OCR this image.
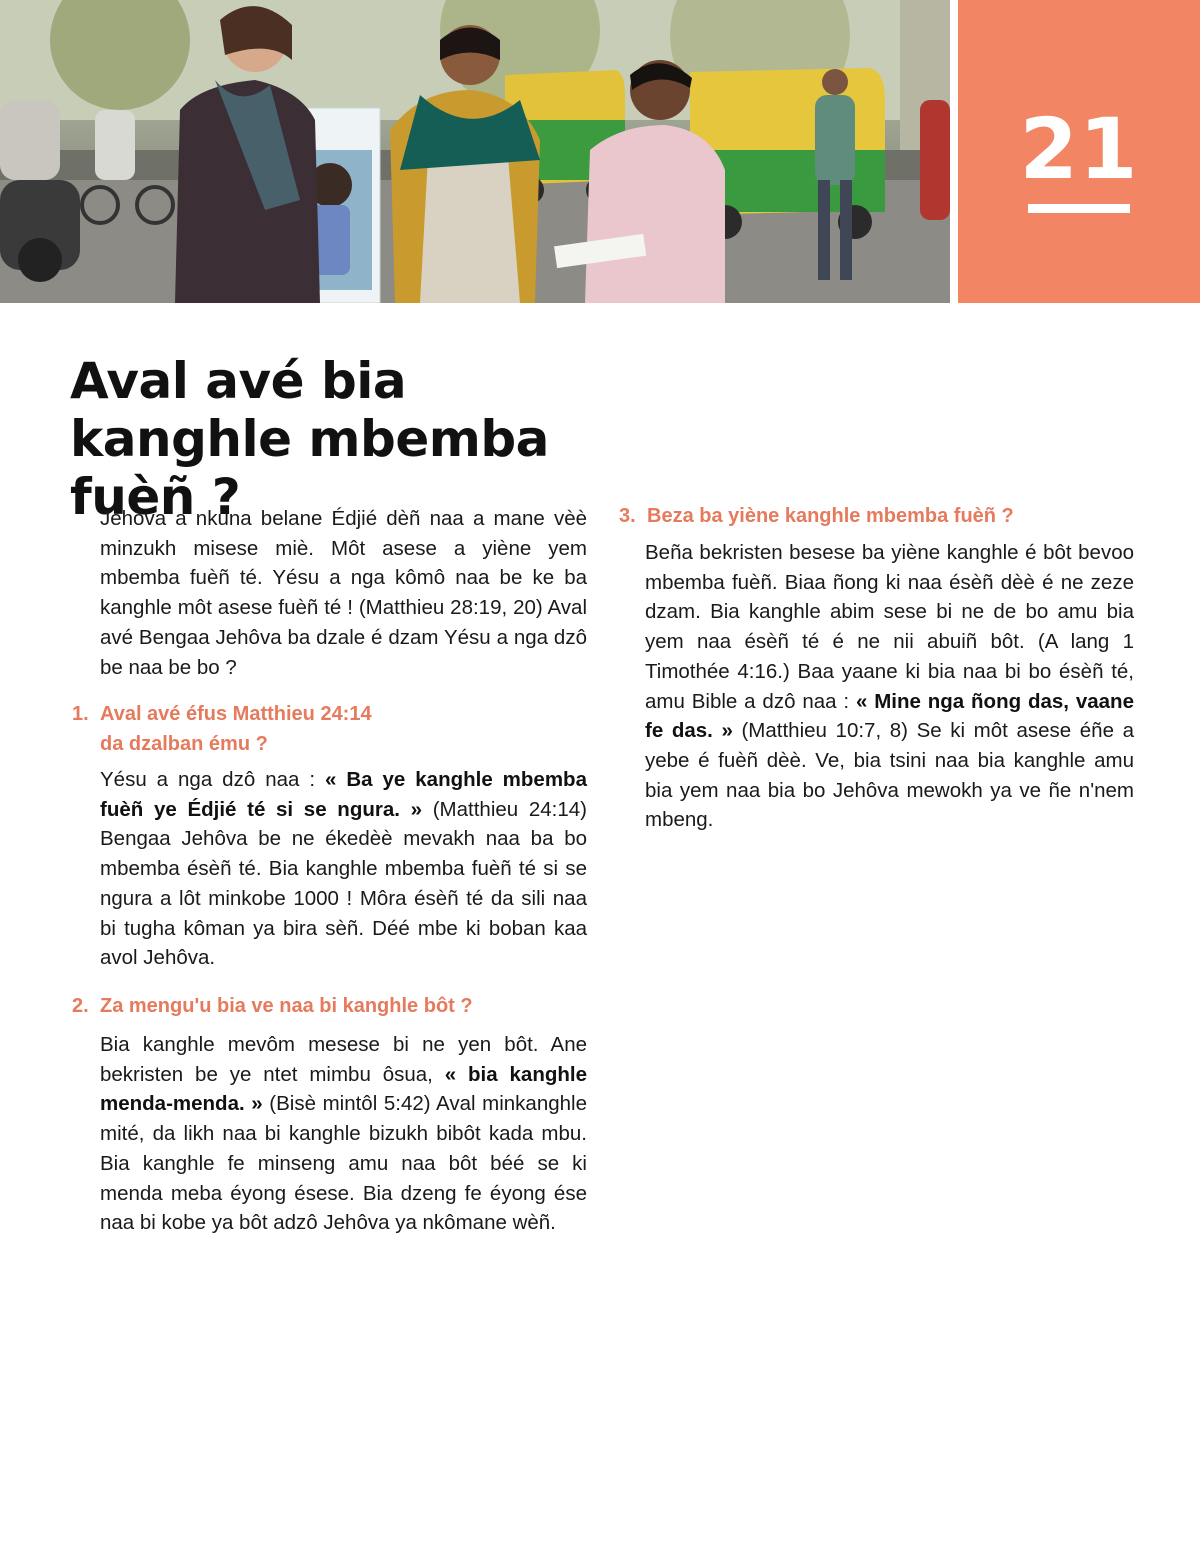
21
Aval avé bia kanghle mbemba fuèñ ?

Jehôva a nkuna belane Édjié dèñ naa a mane vèè minzukh misese miè. Môt asese a yiène yem mbemba fuèñ té. Yésu a nga kômô naa be ke ba kanghle môt asese fuèñ té ! (Matthieu 28:19, 20) Aval avé Bengaa Jehôva ba dzale é dzam Yésu a nga dzô be naa be bo ?

1. Aval avé éfus Matthieu 24:14
da dzalban ému ?

Yésu a nga dzô naa : « Ba ye kanghle mbemba fuèñ ye Édjié té si se ngura. » (Matthieu 24:14) Bengaa Jehôva be ne ékedèè mevakh naa ba bo mbemba ésèñ té. Bia kanghle mbemba fuèñ té si se ngura a lôt minkobe 1000 ! Môra ésèñ té da sili naa bi tugha kôman ya bira sèñ. Déé mbe ki boban kaa avol Jehôva.

2. Za mengu'u bia ve naa bi kanghle bôt ?

Bia kanghle mevôm mesese bi ne yen bôt. Ane bekristen be ye ntet mimbu ôsua, « bia kanghle menda-menda. » (Bisè mintôl 5:42) Aval minkanghle mité, da likh naa bi kanghle bizukh bibôt kada mbu. Bia kanghle fe minseng amu naa bôt béé se ki menda meba éyong ésese. Bia dzeng fe éyong ése naa bi kobe ya bôt adzô Jehôva ya nkômane wèñ.

3. Beza ba yiène kanghle mbemba fuèñ ?

Beña bekristen besese ba yiène kanghle é bôt bevoo mbemba fuèñ. Biaa ñong ki naa ésèñ dèè é ne zeze dzam. Bia kanghle abim sese bi ne de bo amu bia yem naa ésèñ té é ne nii abuiñ bôt. (A lang 1 Timothée 4:16.) Baa yaane ki bia naa bi bo ésèñ té, amu Bible a dzô naa : « Mine nga ñong das, vaane fe das. » (Matthieu 10:7, 8) Se ki môt asese éñe a yebe é fuèñ dèè. Ve, bia tsini naa bia kanghle amu bia yem naa bia bo Jehôva mewokh ya ve ñe n'nem mbeng.
